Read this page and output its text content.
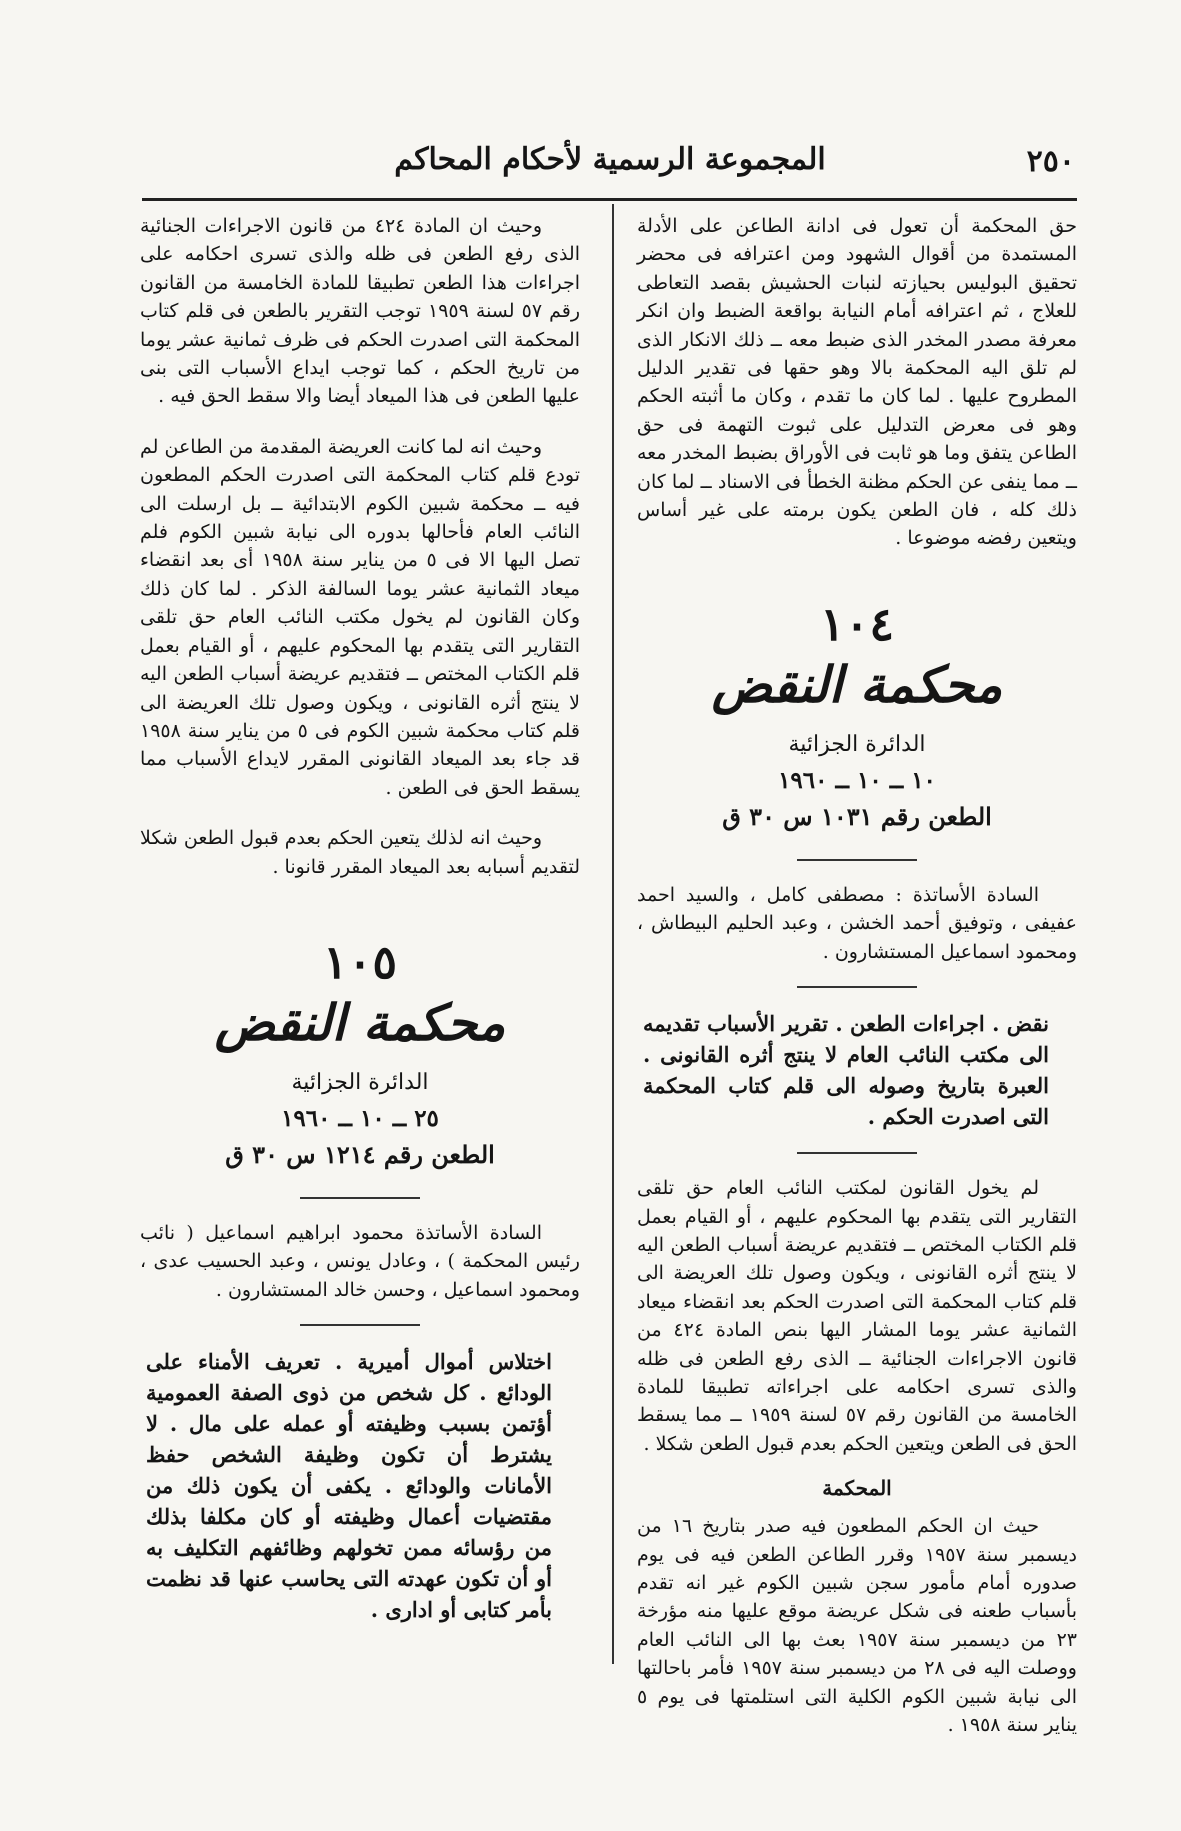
٢٥٠
المجموعة الرسمية لأحكام المحاكم

حق المحكمة أن تعول فى ادانة الطاعن على الأدلة المستمدة من أقوال الشهود ومن اعترافه فى محضر تحقيق البوليس بحيازته لنبات الحشيش بقصد التعاطى للعلاج ، ثم اعترافه أمام النيابة بواقعة الضبط وان انكر معرفة مصدر المخدر الذى ضبط معه ــ ذلك الانكار الذى لم تلق اليه المحكمة بالا وهو حقها فى تقدير الدليل المطروح عليها . لما كان ما تقدم ، وكان ما أثبته الحكم وهو فى معرض التدليل على ثبوت التهمة فى حق الطاعن يتفق وما هو ثابت فى الأوراق بضبط المخدر معه ــ مما ينفى عن الحكم مظنة الخطأ فى الاسناد ــ لما كان ذلك كله ، فان الطعن يكون برمته على غير أساس ويتعين رفضه موضوعا .

١٠٤

محكمة النقض

الدائرة الجزائية

١٠ ــ ١٠ ــ ١٩٦٠

الطعن رقم ١٠٣١ س ٣٠ ق

السادة الأساتذة : مصطفى كامل ، والسيد احمد عفيفى ، وتوفيق أحمد الخشن ، وعبد الحليم البيطاش ، ومحمود اسماعيل المستشارون .

نقض . اجراءات الطعن . تقرير الأسباب تقديمه الى مكتب النائب العام لا ينتج أثره القانونى . العبرة بتاريخ وصوله الى قلم كتاب المحكمة التى اصدرت الحكم .

لم يخول القانون لمكتب النائب العام حق تلقى التقارير التى يتقدم بها المحكوم عليهم ، أو القيام بعمل قلم الكتاب المختص ــ فتقديم عريضة أسباب الطعن اليه لا ينتج أثره القانونى ، ويكون وصول تلك العريضة الى قلم كتاب المحكمة التى اصدرت الحكم بعد انقضاء ميعاد الثمانية عشر يوما المشار اليها بنص المادة ٤٢٤ من قانون الاجراءات الجنائية ــ الذى رفع الطعن فى ظله والذى تسرى احكامه على اجراءاته تطبيقا للمادة الخامسة من القانون رقم ٥٧ لسنة ١٩٥٩ ــ مما يسقط الحق فى الطعن ويتعين الحكم بعدم قبول الطعن شكلا .

المحكمة

حيث ان الحكم المطعون فيه صدر بتاريخ ١٦ من ديسمبر سنة ١٩٥٧ وقرر الطاعن الطعن فيه فى يوم صدوره أمام مأمور سجن شبين الكوم غير انه تقدم بأسباب طعنه فى شكل عريضة موقع عليها منه مؤرخة ٢٣ من ديسمبر سنة ١٩٥٧ بعث بها الى النائب العام ووصلت اليه فى ٢٨ من ديسمبر سنة ١٩٥٧ فأمر باحالتها الى نيابة شبين الكوم الكلية التى استلمتها فى يوم ٥ يناير سنة ١٩٥٨ .

وحيث ان المادة ٤٢٤ من قانون الاجراءات الجنائية الذى رفع الطعن فى ظله والذى تسرى احكامه على اجراءات هذا الطعن تطبيقا للمادة الخامسة من القانون رقم ٥٧ لسنة ١٩٥٩ توجب التقرير بالطعن فى قلم كتاب المحكمة التى اصدرت الحكم فى ظرف ثمانية عشر يوما من تاريخ الحكم ، كما توجب ايداع الأسباب التى بنى عليها الطعن فى هذا الميعاد أيضا والا سقط الحق فيه .

وحيث انه لما كانت العريضة المقدمة من الطاعن لم تودع قلم كتاب المحكمة التى اصدرت الحكم المطعون فيه ــ محكمة شبين الكوم الابتدائية ــ بل ارسلت الى النائب العام فأحالها بدوره الى نيابة شبين الكوم فلم تصل اليها الا فى ٥ من يناير سنة ١٩٥٨ أى بعد انقضاء ميعاد الثمانية عشر يوما السالفة الذكر . لما كان ذلك وكان القانون لم يخول مكتب النائب العام حق تلقى التقارير التى يتقدم بها المحكوم عليهم ، أو القيام بعمل قلم الكتاب المختص ــ فتقديم عريضة أسباب الطعن اليه لا ينتج أثره القانونى ، ويكون وصول تلك العريضة الى قلم كتاب محكمة شبين الكوم فى ٥ من يناير سنة ١٩٥٨ قد جاء بعد الميعاد القانونى المقرر لايداع الأسباب مما يسقط الحق فى الطعن .

وحيث انه لذلك يتعين الحكم بعدم قبول الطعن شكلا لتقديم أسبابه بعد الميعاد المقرر قانونا .

١٠٥

محكمة النقض

الدائرة الجزائية

٢٥ ــ ١٠ ــ ١٩٦٠

الطعن رقم ١٢١٤ س ٣٠ ق

السادة الأساتذة محمود ابراهيم اسماعيل ( نائب رئيس المحكمة ) ، وعادل يونس ، وعبد الحسيب عدى ، ومحمود اسماعيل ، وحسن خالد المستشارون .

اختلاس أموال أميرية . تعريف الأمناء على الودائع . كل شخص من ذوى الصفة العمومية أؤتمن بسبب وظيفته أو عمله على مال . لا يشترط أن تكون وظيفة الشخص حفظ الأمانات والودائع . يكفى أن يكون ذلك من مقتضيات أعمال وظيفته أو كان مكلفا بذلك من رؤسائه ممن تخولهم وظائفهم التكليف به أو أن تكون عهدته التى يحاسب عنها قد نظمت بأمر كتابى أو ادارى .
